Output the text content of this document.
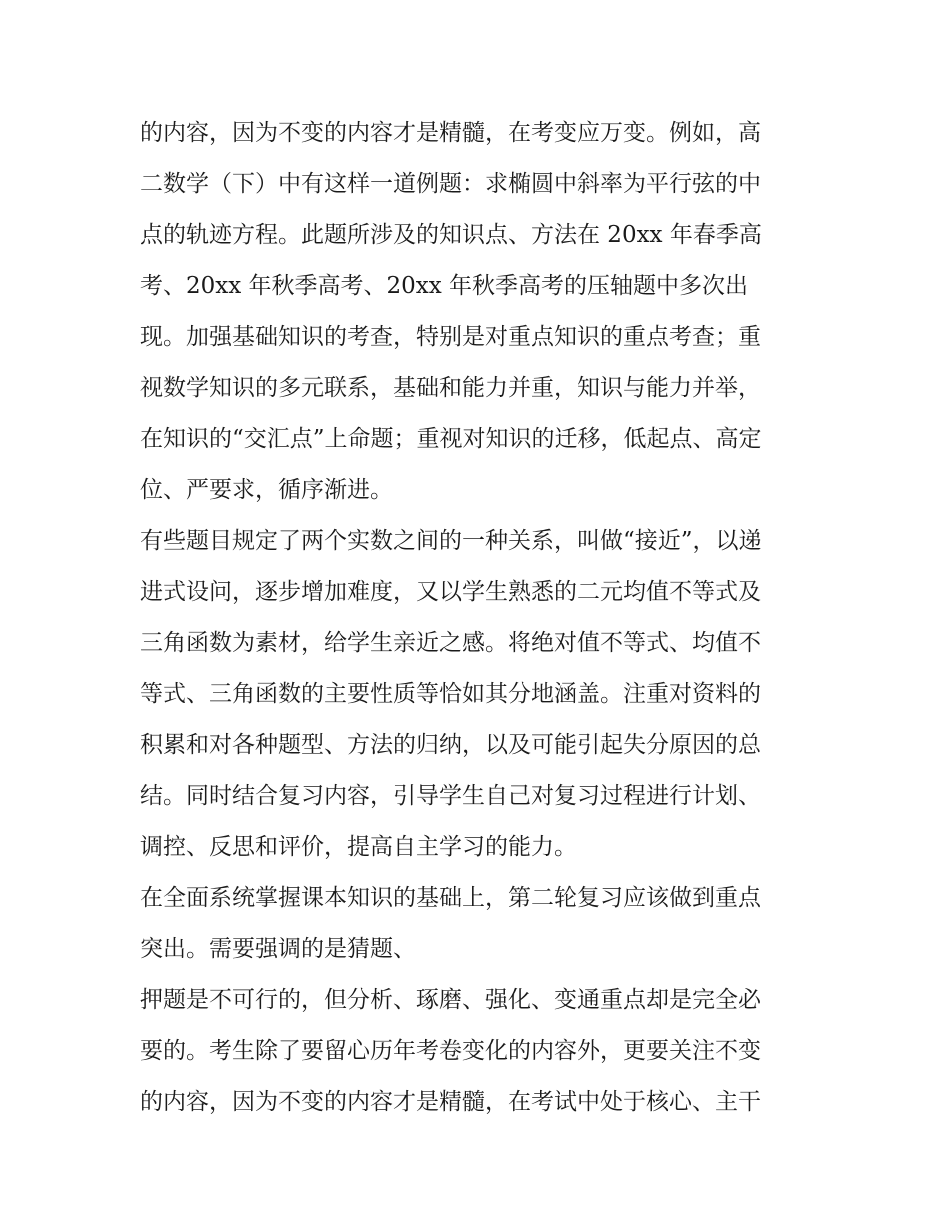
的内容，因为不变的内容才是精髓，在考变应万变。例如，高
二数学（下）中有这样一道例题：求椭圆中斜率为平行弦的中
点的轨迹方程。此题所涉及的知识点、方法在 20xx 年春季高
考、20xx 年秋季高考、20xx 年秋季高考的压轴题中多次出
现。加强基础知识的考查，特别是对重点知识的重点考查；重
视数学知识的多元联系，基础和能力并重，知识与能力并举，
在知识的“交汇点”上命题；重视对知识的迁移，低起点、高定
位、严要求，循序渐进。
有些题目规定了两个实数之间的一种关系，叫做“接近”，以递
进式设问，逐步增加难度，又以学生熟悉的二元均值不等式及
三角函数为素材，给学生亲近之感。将绝对值不等式、均值不
等式、三角函数的主要性质等恰如其分地涵盖。注重对资料的
积累和对各种题型、方法的归纳，以及可能引起失分原因的总
结。同时结合复习内容，引导学生自己对复习过程进行计划、
调控、反思和评价，提高自主学习的能力。
在全面系统掌握课本知识的基础上，第二轮复习应该做到重点
突出。需要强调的是猜题、
押题是不可行的，但分析、琢磨、强化、变通重点却是完全必
要的。考生除了要留心历年考卷变化的内容外，更要关注不变
的内容，因为不变的内容才是精髓，在考试中处于核心、主干
